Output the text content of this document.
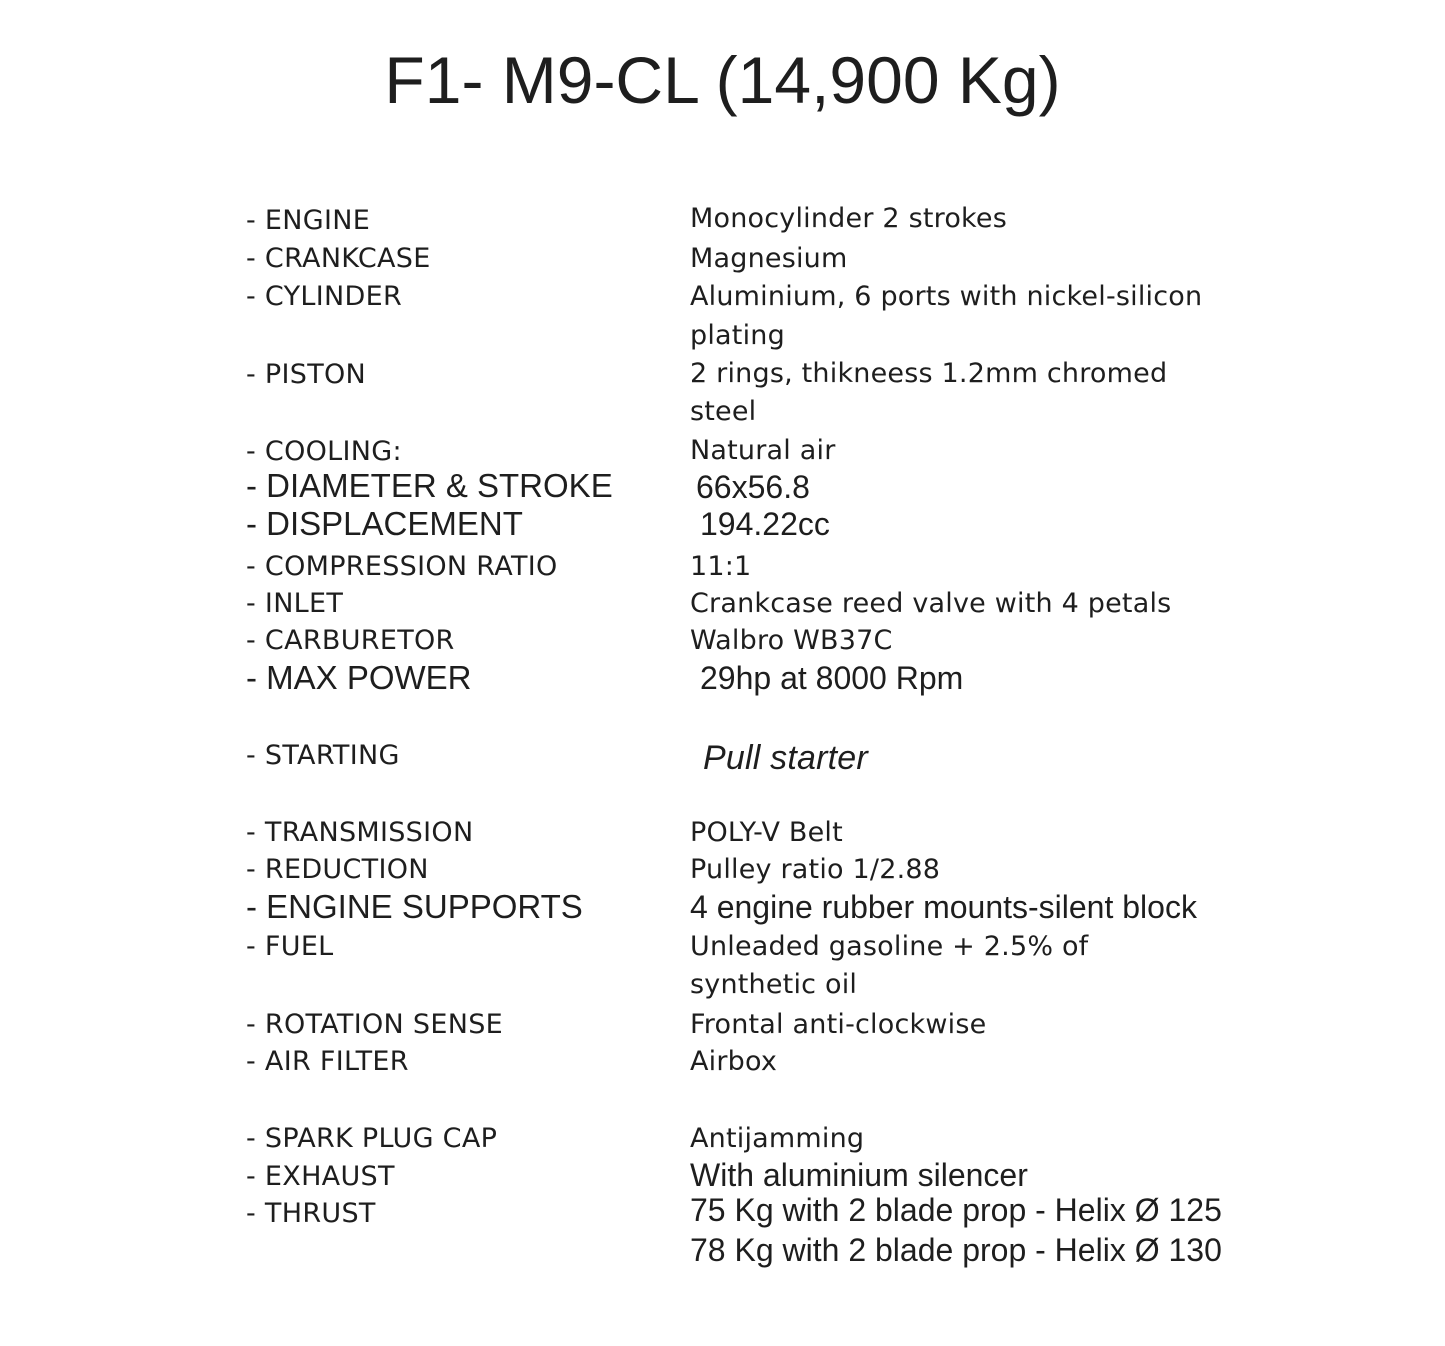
F1- M9-CL (14,900 Kg)
- ENGINE	Monocylinder 2 strokes
- CRANKCASE	Magnesium
- CYLINDER	Aluminium, 6 ports with nickel-silicon
plating
- PISTON	2 rings, thikneess 1.2mm chromed
steel
- COOLING:	Natural air
- DIAMETER & STROKE	66x56.8
- DISPLACEMENT	194.22cc
- COMPRESSION RATIO	11:1
- INLET	Crankcase reed valve with 4 petals
- CARBURETOR	Walbro WB37C
- MAX POWER	29hp at 8000 Rpm
- STARTING	Pull starter
- TRANSMISSION	POLY-V Belt
- REDUCTION	Pulley ratio 1/2.88
- ENGINE SUPPORTS	4 engine rubber mounts-silent block
- FUEL	Unleaded gasoline + 2.5% of
synthetic oil
- ROTATION SENSE	Frontal anti-clockwise
- AIR FILTER	Airbox
- SPARK PLUG CAP	Antijamming
- EXHAUST	With aluminium silencer
- THRUST	75 Kg with 2 blade prop - Helix Ø 125
78 Kg with 2 blade prop - Helix Ø 130
